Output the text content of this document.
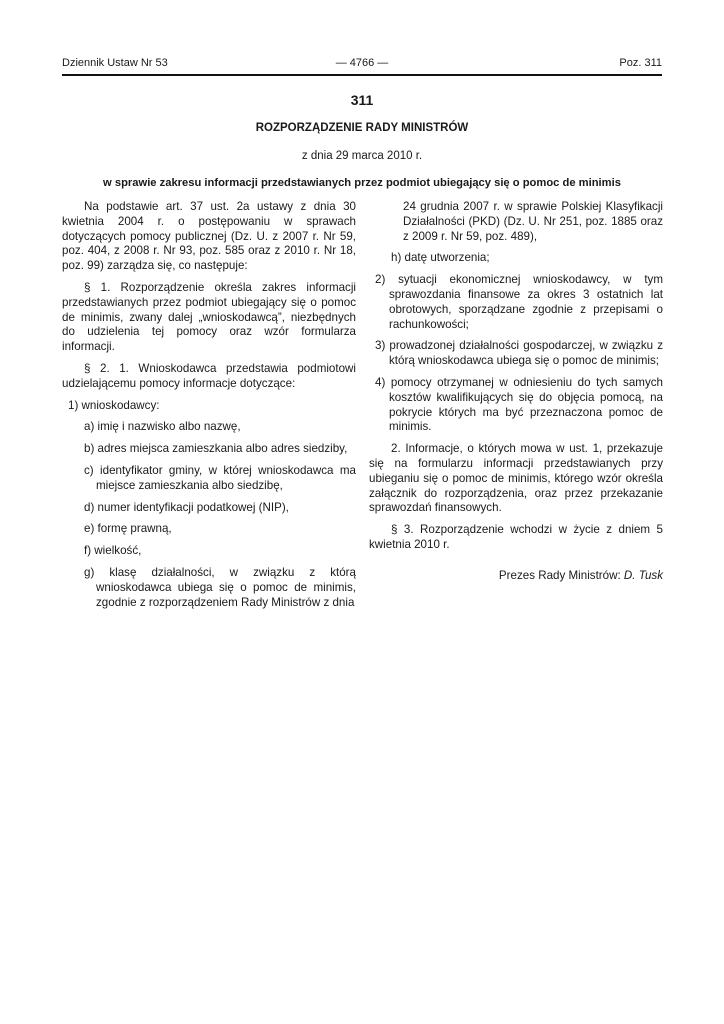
Dziennik Ustaw Nr 53	— 4766 —	Poz. 311
311
ROZPORZĄDZENIE RADY MINISTRÓW
z dnia 29 marca 2010 r.
w sprawie zakresu informacji przedstawianych przez podmiot ubiegający się o pomoc de minimis

Na podstawie art. 37 ust. 2a ustawy z dnia 30 kwietnia 2004 r. o postępowaniu w sprawach dotyczących pomocy publicznej (Dz. U. z 2007 r. Nr 59, poz. 404, z 2008 r. Nr 93, poz. 585 oraz z 2010 r. Nr 18, poz. 99) zarządza się, co następuje:

§ 1. Rozporządzenie określa zakres informacji przedstawianych przez podmiot ubiegający się o pomoc de minimis, zwany dalej „wnioskodawcą”, niezbędnych do udzielenia tej pomocy oraz wzór formularza informacji.

§ 2. 1. Wnioskodawca przedstawia podmiotowi udzielającemu pomocy informacje dotyczące:

1) wnioskodawcy:

a) imię i nazwisko albo nazwę,

b) adres miejsca zamieszkania albo adres siedziby,

c) identyfikator gminy, w której wnioskodawca ma miejsce zamieszkania albo siedzibę,

d) numer identyfikacji podatkowej (NIP),

e) formę prawną,

f) wielkość,

g) klasę działalności, w związku z którą wnioskodawca ubiega się o pomoc de minimis, zgodnie z rozporządzeniem Rady Ministrów z dnia

24 grudnia 2007 r. w sprawie Polskiej Klasyfikacji Działalności (PKD) (Dz. U. Nr 251, poz. 1885 oraz z 2009 r. Nr 59, poz. 489),

h) datę utworzenia;

2) sytuacji ekonomicznej wnioskodawcy, w tym sprawozdania finansowe za okres 3 ostatnich lat obrotowych, sporządzane zgodnie z przepisami o rachunkowości;

3) prowadzonej działalności gospodarczej, w związku z którą wnioskodawca ubiega się o pomoc de minimis;

4) pomocy otrzymanej w odniesieniu do tych samych kosztów kwalifikujących się do objęcia pomocą, na pokrycie których ma być przeznaczona pomoc de minimis.

2. Informacje, o których mowa w ust. 1, przekazuje się na formularzu informacji przedstawianych przy ubieganiu się o pomoc de minimis, którego wzór określa załącznik do rozporządzenia, oraz przez przekazanie sprawozdań finansowych.

§ 3. Rozporządzenie wchodzi w życie z dniem 5 kwietnia 2010 r.

Prezes Rady Ministrów: D. Tusk
